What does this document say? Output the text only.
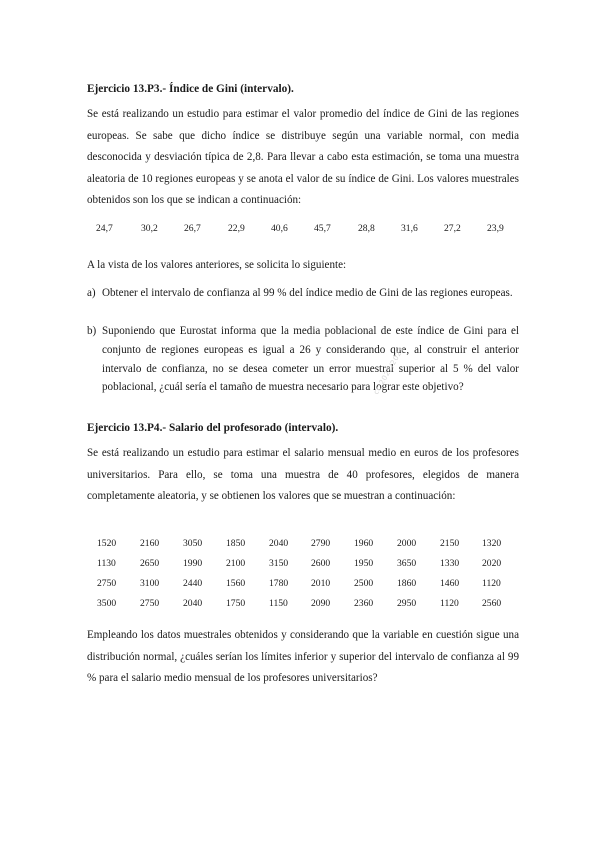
Ejercicio 13.P3.- Índice de Gini (intervalo).

Se está realizando un estudio para estimar el valor promedio del índice de Gini de las regiones europeas. Se sabe que dicho índice se distribuye según una variable normal, con media desconocida y desviación típica de 2,8. Para llevar a cabo esta estimación, se toma una muestra aleatoria de 10 regiones europeas y se anota el valor de su índice de Gini. Los valores muestrales obtenidos son los que se indican a continuación:

24,7	30,2	26,7	22,9	40,6	45,7	28,8	31,6	27,2	23,9

A la vista de los valores anteriores, se solicita lo siguiente:

a) Obtener el intervalo de confianza al 99 % del índice medio de Gini de las regiones europeas.
b) Suponiendo que Eurostat informa que la media poblacional de este índice de Gini para el conjunto de regiones europeas es igual a 26 y considerando que, al construir el anterior intervalo de confianza, no se desea cometer un error muestral superior al 5 % del valor poblacional, ¿cuál sería el tamaño de muestra necesario para lograr este objetivo?
cc 2022/2023
Ejercicio 13.P4.- Salario del profesorado (intervalo).

Se está realizando un estudio para estimar el salario mensual medio en euros de los profesores universitarios. Para ello, se toma una muestra de 40 profesores, elegidos de manera completamente aleatoria, y se obtienen los valores que se muestran a continuación:

1520 2160 3050 1850 2040 2790 1960 2000 2150 1320
1130	2650 1990 2100 3150 2600 1950 3650 1330 2020
2750 3100 2440 1560 1780 2010 2500 1860 1460 1120
3500 2750 2040 1750 1150 2090 2360 2950 1120 2560

Empleando los datos muestrales obtenidos y considerando que la variable en cuestión sigue una distribución normal, ¿cuáles serían los límites inferior y superior del intervalo de confianza al 99 % para el salario medio mensual de los profesores universitarios?
